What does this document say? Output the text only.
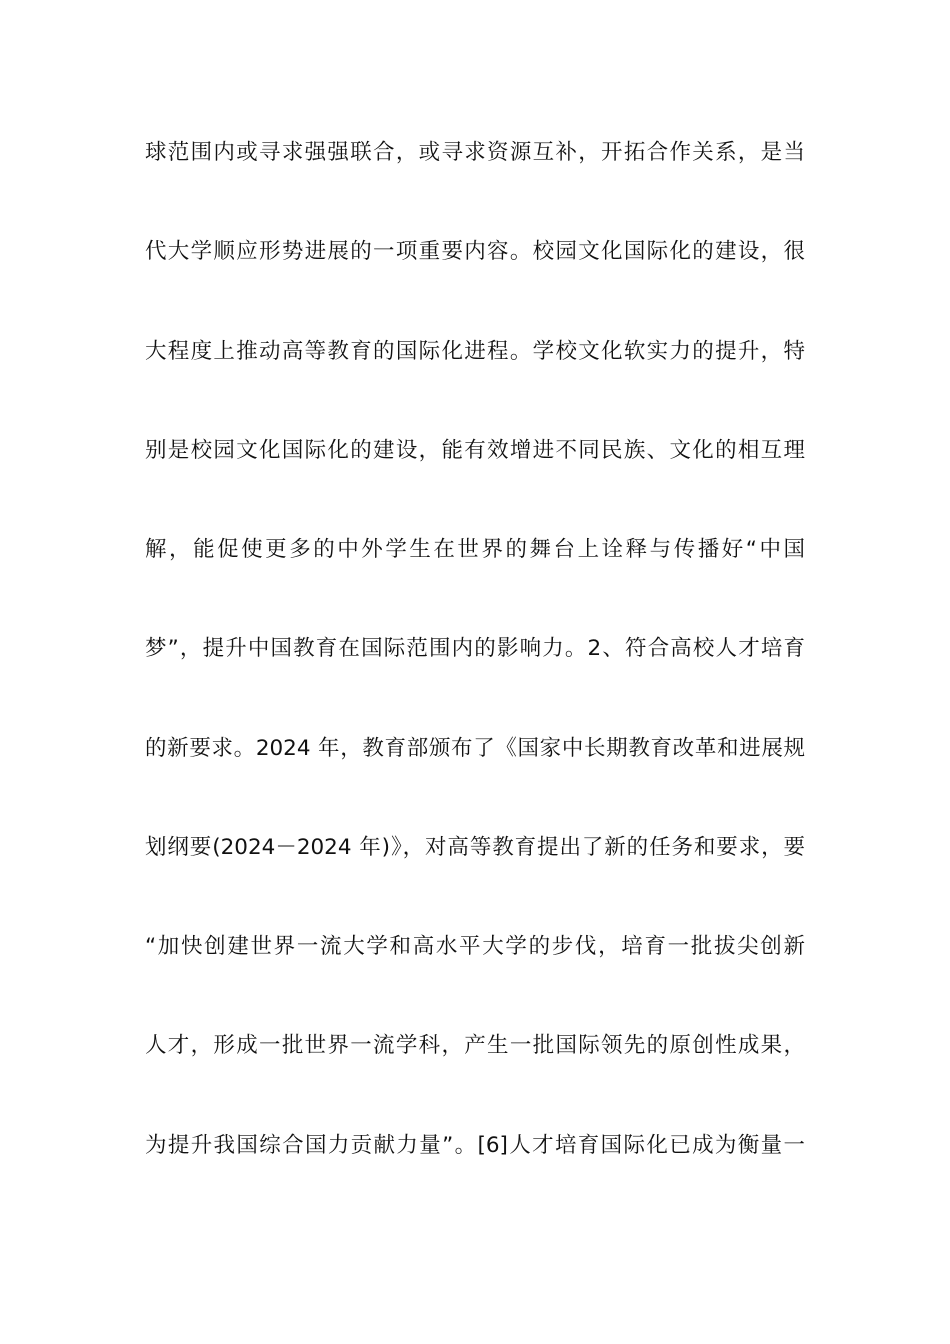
球范围内或寻求强强联合，或寻求资源互补，开拓合作关系，是当
代大学顺应形势进展的一项重要内容。校园文化国际化的建设，很
大程度上推动高等教育的国际化进程。学校文化软实力的提升，特
别是校园文化国际化的建设，能有效增进不同民族、文化的相互理
解，能促使更多的中外学生在世界的舞台上诠释与传播好“中国
梦”，提升中国教育在国际范围内的影响力。2、符合高校人才培育
的新要求。2024 年，教育部颁布了《国家中长期教育改革和进展规
划纲要(2024－2024 年)》，对高等教育提出了新的任务和要求，要
“加快创建世界一流大学和高水平大学的步伐，培育一批拔尖创新
人才，形成一批世界一流学科，产生一批国际领先的原创性成果，
为提升我国综合国力贡献力量”。[6]人才培育国际化已成为衡量一
